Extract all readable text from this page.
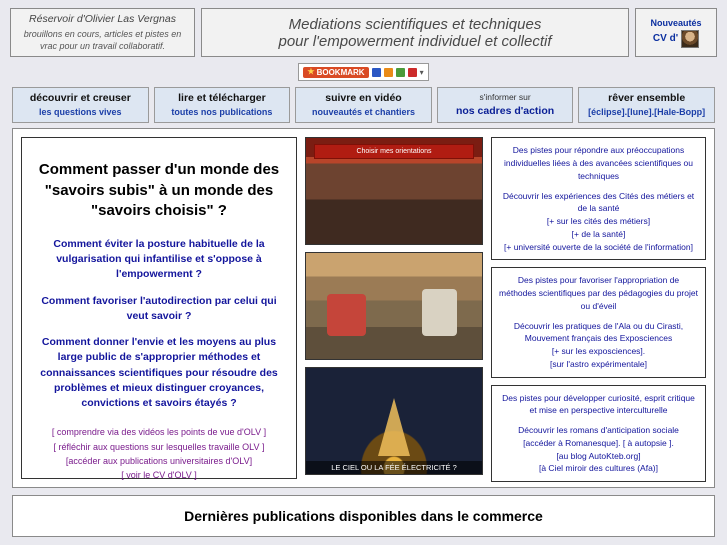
Réservoir d'Olivier Las Vergnas
brouillons en cours, articles et pistes en vrac pour un travail collaboratif.
Mediations scientifiques et techniques
pour l'empowerment individuel et collectif
Nouveautés
CV d'
★ BOOKMARK	▾
découvrir et creuser
les questions vives
lire et télécharger
toutes nos publications
suivre en vidéo
nouveautés et chantiers
s'informer sur
nos cadres d'action
rêver ensemble
[éclipse].[lune].[Hale-Bopp]
Comment passer d'un monde des "savoirs subis" à un monde des "savoirs choisis" ?
Comment éviter la posture habituelle de la vulgarisation qui infantilise et s'oppose à l'empowerment ?
Comment favoriser l'autodirection par celui qui veut savoir ?
Comment donner l'envie et les moyens au plus large public de s'approprier méthodes et connaissances scientifiques pour résoudre des problèmes et mieux distinguer croyances, convictions et savoirs étayés ?
[ comprendre via des vidéos les points de vue d'OLV ]
[ réfléchir aux questions sur lesquelles travaille OLV ]
[accéder aux publications universitaires d'OLV]
[ voir le CV d'OLV ]
Choisir mes orientations
LE CIEL OU LA FÉE ÉLECTRICITÉ ?
Des pistes pour répondre aux préoccupations individuelles liées à des avancées scientifiques ou techniques
Découvrir les expériences des Cités des métiers et de la santé
[+ sur les cités des métiers]
[+ de la santé]
[+ université ouverte de la société de l'information]
Des pistes pour favoriser l'appropriation de méthodes scientifiques par des pédagogies du projet ou d'éveil
Découvrir les pratiques de l'Ala ou du Cirasti, Mouvement français des Exposciences
[+ sur les exposciences].
[sur l'astro expérimentale]
Des pistes pour développer curiosité, esprit critique et mise en perspective interculturelle
Découvrir les romans d'anticipation sociale
[accéder à Romanesque]. [ à autopsie ].
[au blog AutoKteb.org]
[à Ciel miroir des cultures (Afa)]
Dernières publications disponibles dans le commerce
